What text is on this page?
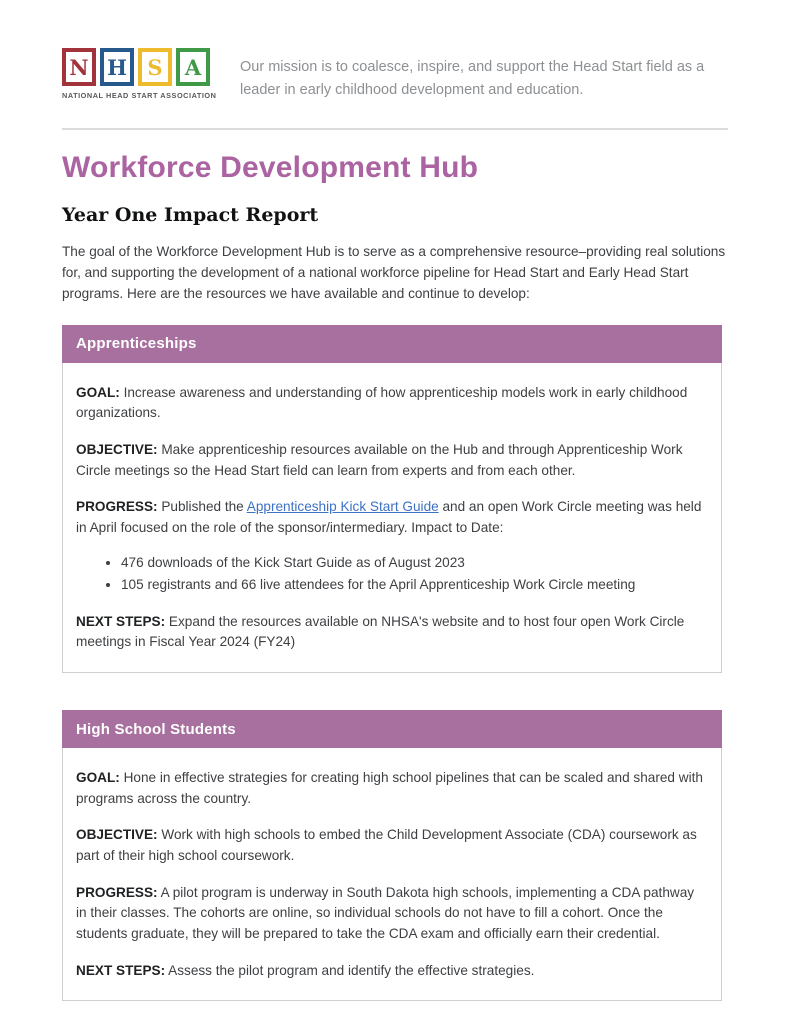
N H S	A
NATIONAL HEAD START ASSOCIATION

Our mission is to coalesce, inspire, and support the Head Start field as a leader in early childhood development and education.

Workforce Development Hub
Year One Impact Report

The goal of the Workforce Development Hub is to serve as a comprehensive resource–providing real solutions for, and supporting the development of a national workforce pipeline for Head Start and Early Head Start programs. Here are the resources we have available and continue to develop:

Apprenticeships

GOAL: Increase awareness and understanding of how apprenticeship models work in early childhood organizations.

OBJECTIVE: Make apprenticeship resources available on the Hub and through Apprenticeship Work Circle meetings so the Head Start field can learn from experts and from each other.

PROGRESS: Published the Apprenticeship Kick Start Guide and an open Work Circle meeting was held in April focused on the role of the sponsor/intermediary. Impact to Date:

• 476 downloads of the Kick Start Guide as of August 2023
• 105 registrants and 66 live attendees for the April Apprenticeship Work Circle meeting

NEXT STEPS: Expand the resources available on NHSA's website and to host four open Work Circle meetings in Fiscal Year 2024 (FY24)

High School Students

GOAL: Hone in effective strategies for creating high school pipelines that can be scaled and shared with programs across the country.

OBJECTIVE: Work with high schools to embed the Child Development Associate (CDA) coursework as part of their high school coursework.

PROGRESS: A pilot program is underway in South Dakota high schools, implementing a CDA pathway in their classes. The cohorts are online, so individual schools do not have to fill a cohort. Once the students graduate, they will be prepared to take the CDA exam and officially earn their credential.

NEXT STEPS: Assess the pilot program and identify the effective strategies.
